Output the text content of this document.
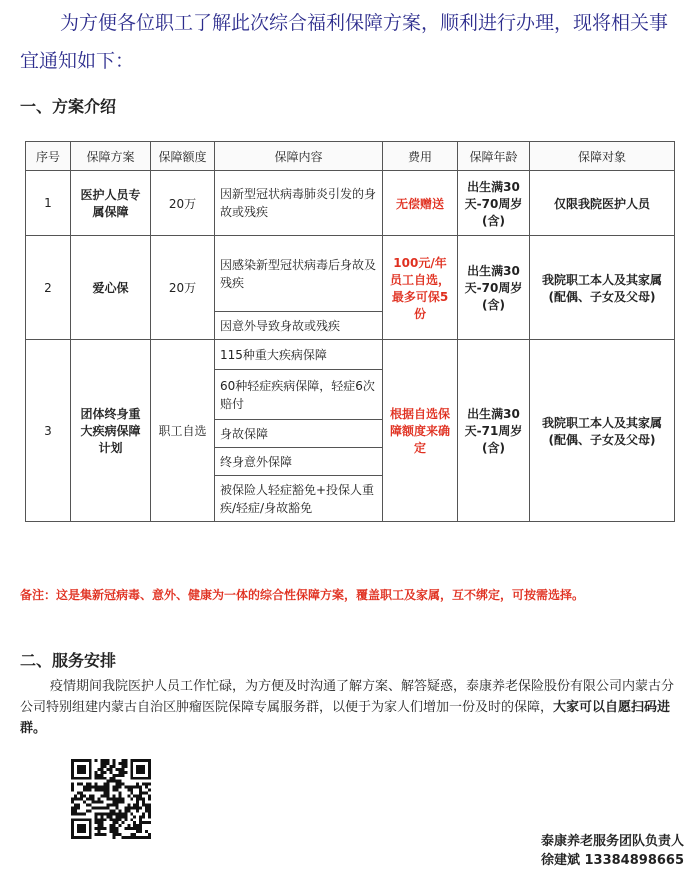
为方便各位职工了解此次综合福利保障方案，顺利进行办理，现将相关事宜通知如下：

一、方案介绍

序号	保障方案	保障额度	保障内容	费用	保障年龄	保障对象
1	医护人员专属保障	20万	因新型冠状病毒肺炎引发的身故或残疾	无偿赠送	出生满30天-70周岁(含)	仅限我院医护人员
2	爱心保	20万	因感染新型冠状病毒后身故及残疾	100元/年员工自选，最多可保5份	出生满30天-70周岁(含)	我院职工本人及其家属(配偶、子女及父母)
			因意外导致身故或残疾			
3	团体终身重大疾病保障计划	职工自选	115种重大疾病保障	根据自选保障额度来确定	出生满30天-71周岁(含)	我院职工本人及其家属(配偶、子女及父母)
			60种轻症疾病保障，轻症6次赔付			
			身故保障			
			终身意外保障			
			被保险人轻症豁免+投保人重疾/轻症/身故豁免			

备注：这是集新冠病毒、意外、健康为一体的综合性保障方案，覆盖职工及家属，互不绑定，可按需选择。

二、服务安排

疫情期间我院医护人员工作忙碌，为方便及时沟通了解方案、解答疑惑，泰康养老保险股份有限公司内蒙古分公司特别组建内蒙古自治区肿瘤医院保障专属服务群，以便于为家人们增加一份及时的保障，大家可以自愿扫码进群。

泰康养老服务团队负责人
徐建斌 13384898665
